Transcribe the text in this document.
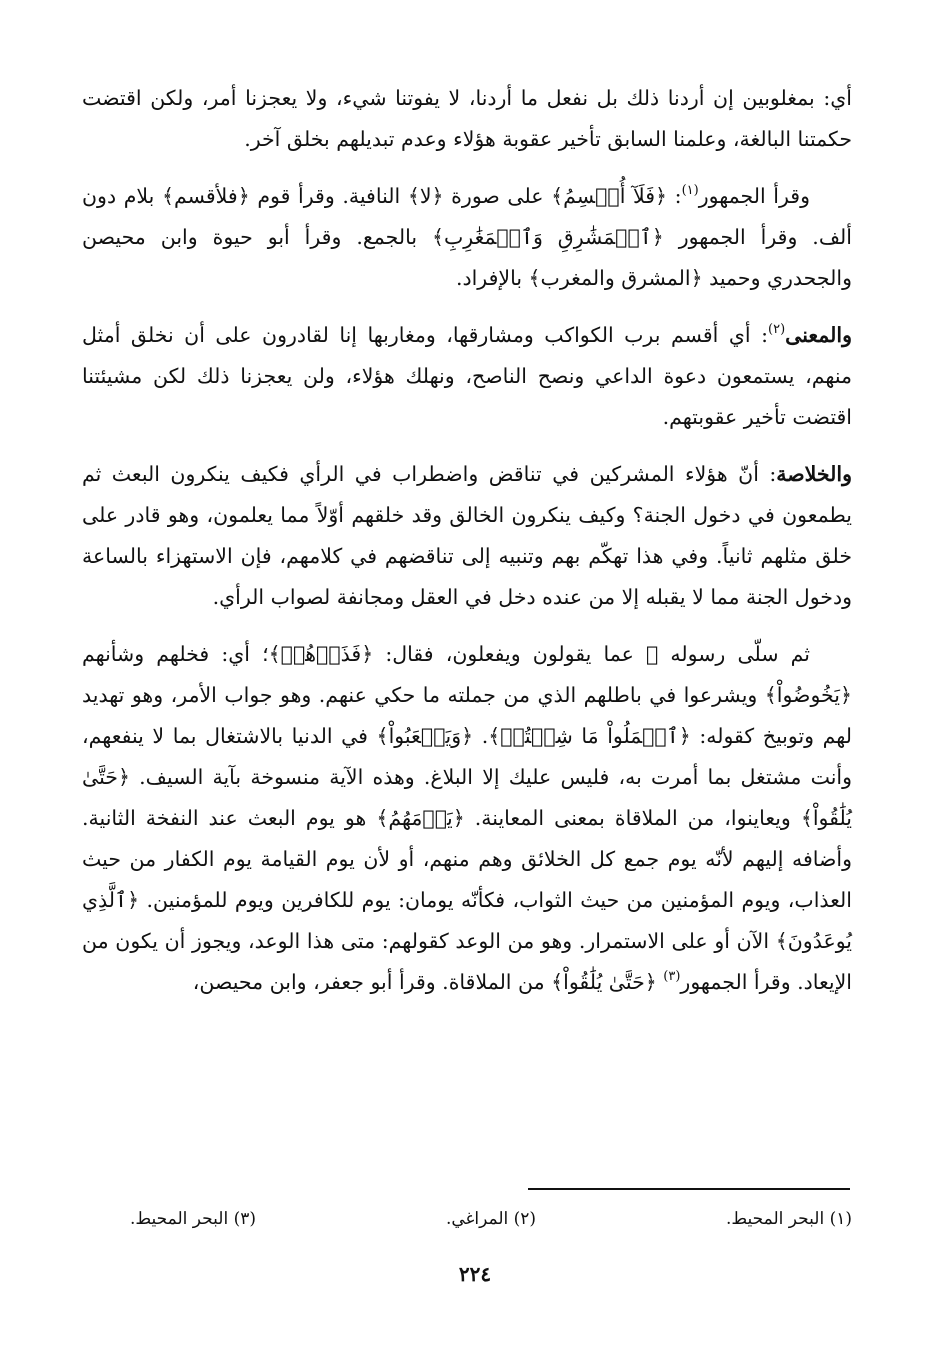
أي: بمغلوبين إن أردنا ذلك بل نفعل ما أردنا، لا يفوتنا شيء، ولا يعجزنا أمر، ولكن اقتضت حكمتنا البالغة، وعلمنا السابق تأخير عقوبة هؤلاء وعدم تبديلهم بخلق آخر.

وقرأ الجمهور$^{(١)}$: ﴿فَلَآ أُقۡسِمُ﴾ على صورة ﴿لا﴾ النافية. وقرأ قوم ﴿فلأقسم﴾ بلام دون ألف. وقرأ الجمهور ﴿ٱلۡمَشَٰرِقِ وَٱلۡمَغَٰرِبِ﴾ بالجمع. وقرأ أبو حيوة وابن محيصن والجحدري وحميد ﴿المشرق والمغرب﴾ بالإفراد.

والمعنى$^{(٢)}$: أي أقسم برب الكواكب ومشارقها، ومغاربها إنا لقادرون على أن نخلق أمثل منهم، يستمعون دعوة الداعي ونصح الناصح، ونهلك هؤلاء، ولن يعجزنا ذلك لكن مشيئتنا اقتضت تأخير عقوبتهم.

والخلاصة: أنّ هؤلاء المشركين في تناقض واضطراب في الرأي فكيف ينكرون البعث ثم يطمعون في دخول الجنة؟ وكيف ينكرون الخالق وقد خلقهم أوّلاً مما يعلمون، وهو قادر على خلق مثلهم ثانياً. وفي هذا تهكّم بهم وتنبيه إلى تناقضهم في كلامهم، فإن الاستهزاء بالساعة ودخول الجنة مما لا يقبله إلا من عنده دخل في العقل ومجانفة لصواب الرأي.

ثم سلّى رسوله ﷺ عما يقولون ويفعلون، فقال: ﴿فَذَرۡهُمۡ﴾؛ أي: فخلهم وشأنهم ﴿يَخُوضُواْ﴾ ويشرعوا في باطلهم الذي من جملته ما حكي عنهم. وهو جواب الأمر، وهو تهديد لهم وتوبيخ كقوله: ﴿ٱعۡمَلُواْ مَا شِئۡتُمۡ﴾. ﴿وَيَلۡعَبُواْ﴾ في الدنيا بالاشتغال بما لا ينفعهم، وأنت مشتغل بما أمرت به، فليس عليك إلا البلاغ. وهذه الآية منسوخة بآية السيف. ﴿حَتَّىٰ يُلَٰقُواْ﴾ ويعاينوا، من الملاقاة بمعنى المعاينة. ﴿يَوۡمَهُمُ﴾ هو يوم البعث عند النفخة الثانية. وأضافه إليهم لأنّه يوم جمع كل الخلائق وهم منهم، أو لأن يوم القيامة يوم الكفار من حيث العذاب، ويوم المؤمنين من حيث الثواب، فكأنّه يومان: يوم للكافرين ويوم للمؤمنين. ﴿ٱلَّذِي يُوعَدُونَ﴾ الآن أو على الاستمرار. وهو من الوعد كقولهم: متى هذا الوعد، ويجوز أن يكون من الإيعاد. وقرأ الجمهور$^{(٣)}$ ﴿حَتَّىٰ يُلَٰقُواْ﴾ من الملاقاة. وقرأ أبو جعفر، وابن محيصن،

(١) البحر المحيط.
(٢) المراغي.
(٣) البحر المحيط.
٢٢٤
